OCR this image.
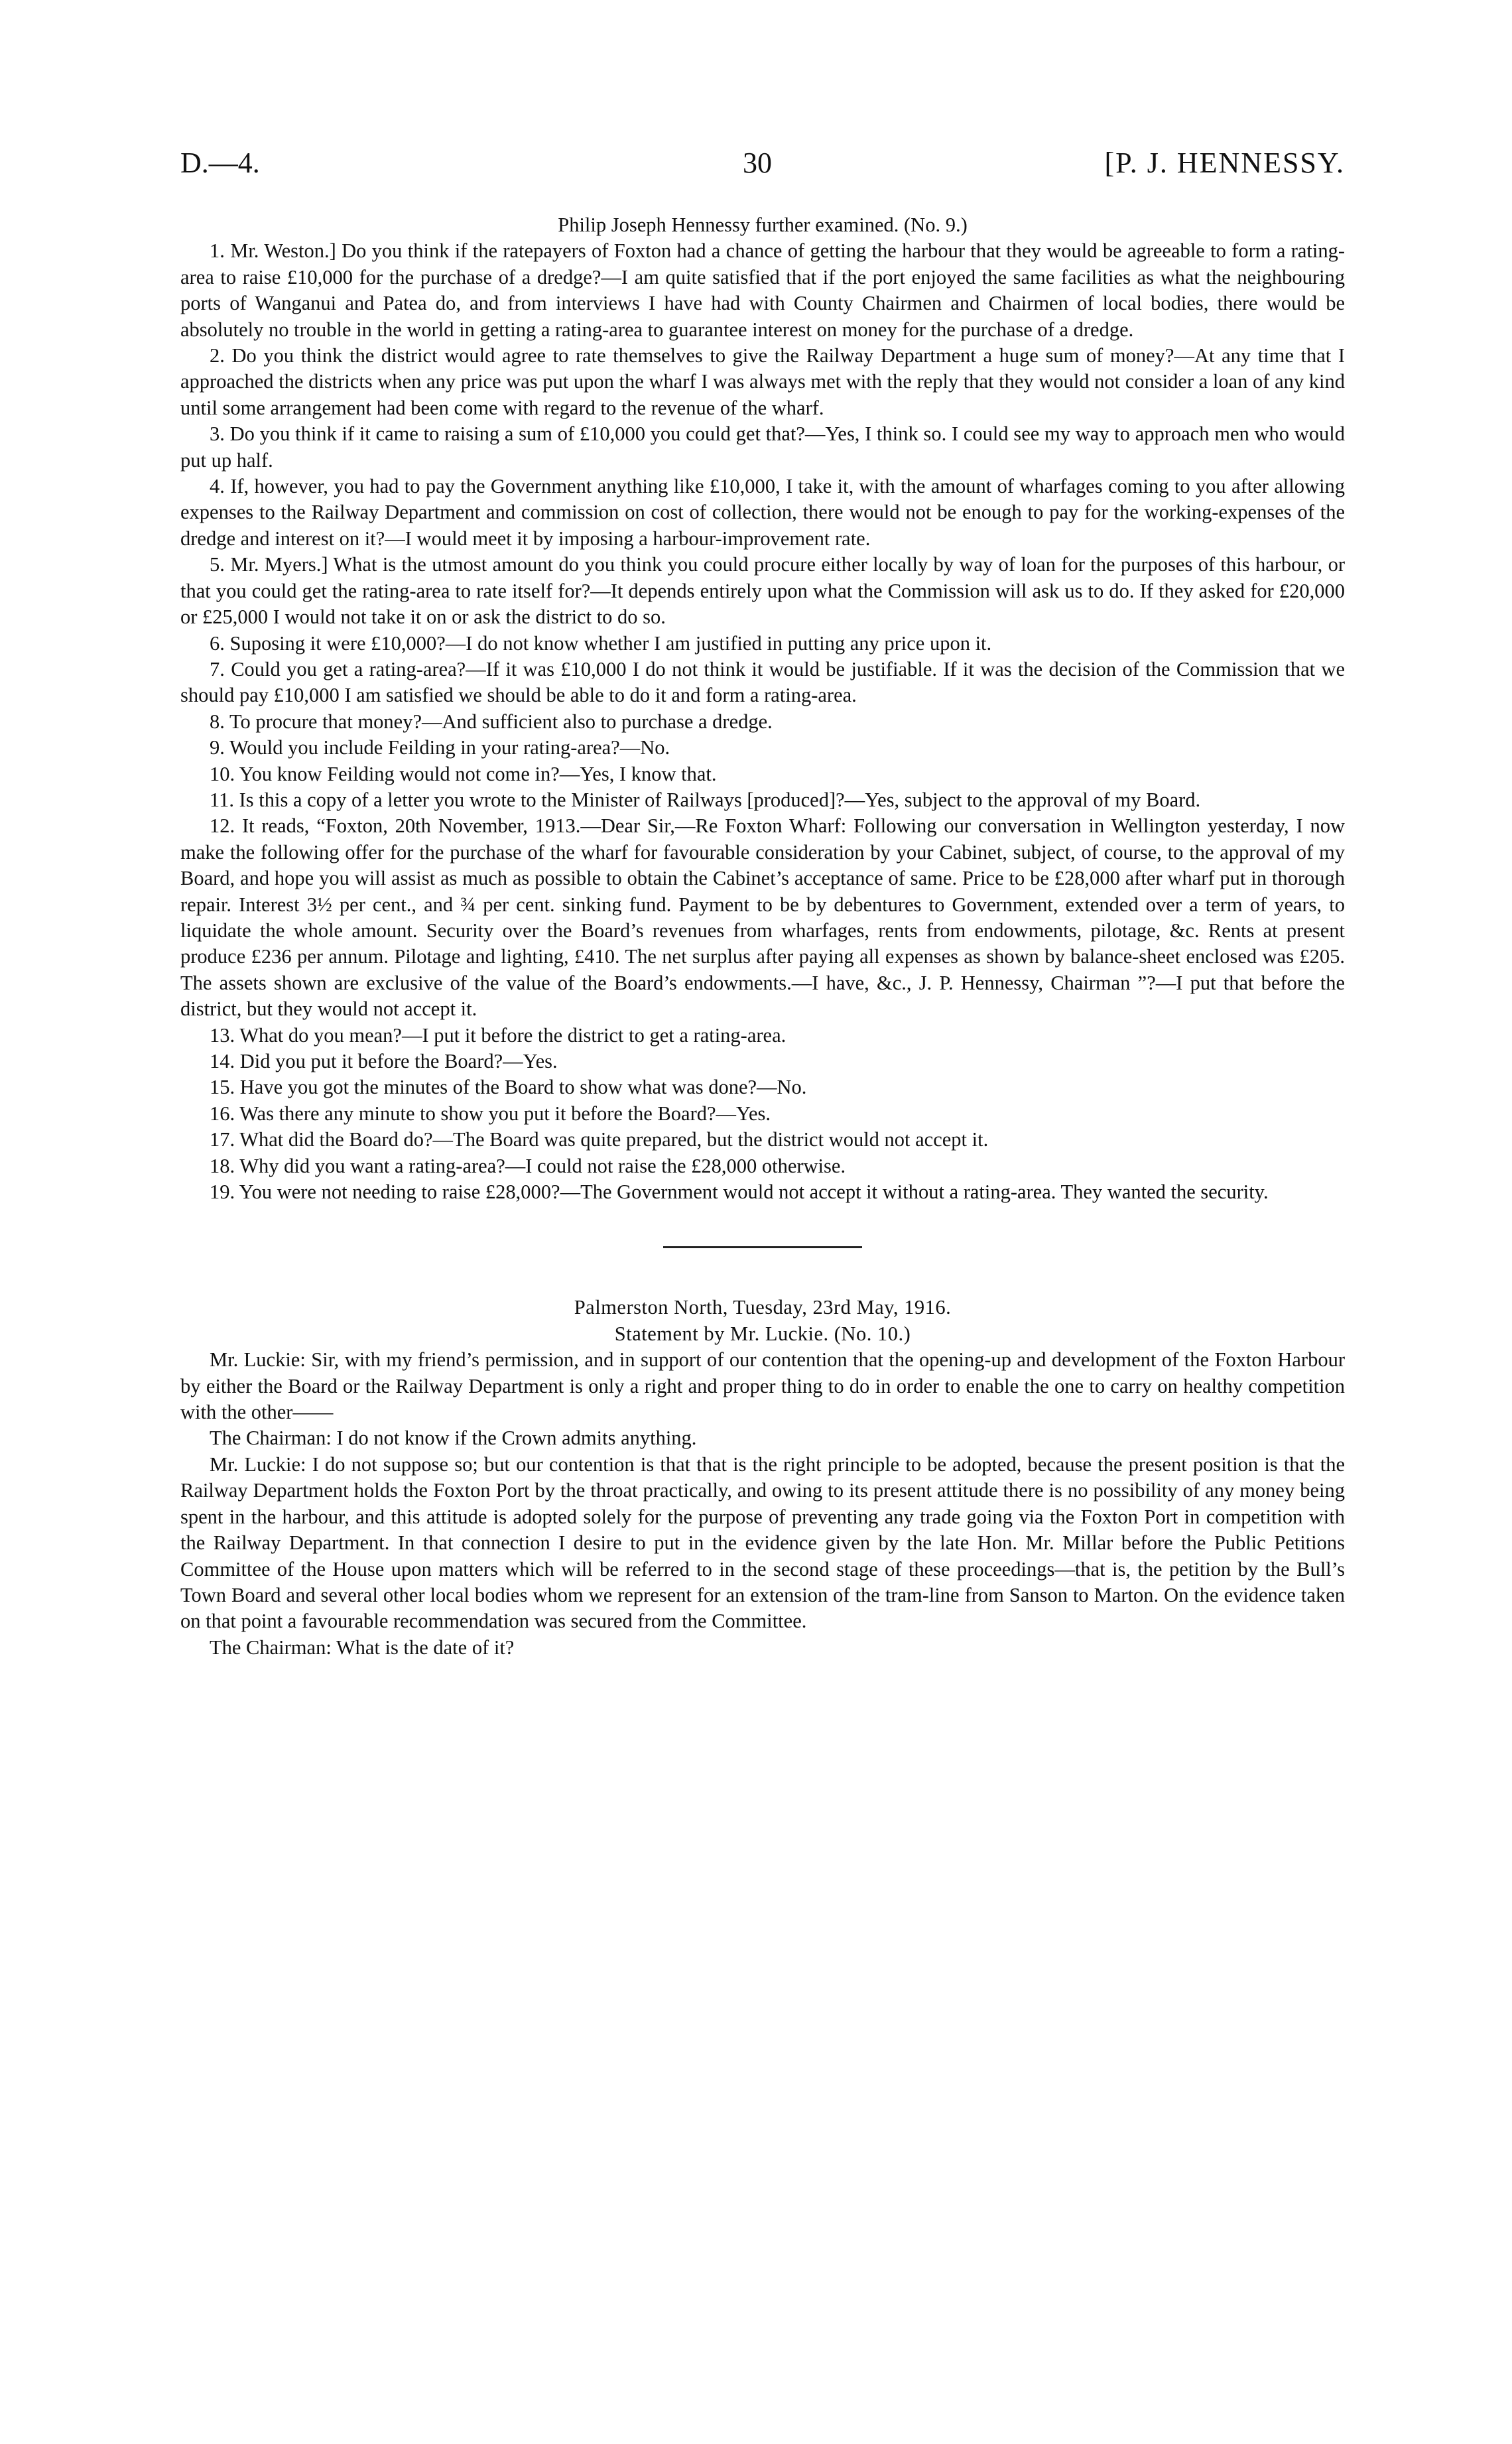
D.—4.	30	[P. J. HENNESSY.

Philip Joseph Hennessy further examined. (No. 9.)

1. Mr. Weston.] Do you think if the ratepayers of Foxton had a chance of getting the harbour that they would be agreeable to form a rating-area to raise £10,000 for the purchase of a dredge?—I am quite satisfied that if the port enjoyed the same facilities as what the neighbouring ports of Wanganui and Patea do, and from interviews I have had with County Chairmen and Chairmen of local bodies, there would be absolutely no trouble in the world in getting a rating-area to guarantee interest on money for the purchase of a dredge.

2. Do you think the district would agree to rate themselves to give the Railway Department a huge sum of money?—At any time that I approached the districts when any price was put upon the wharf I was always met with the reply that they would not consider a loan of any kind until some arrangement had been come with regard to the revenue of the wharf.

3. Do you think if it came to raising a sum of £10,000 you could get that?—Yes, I think so. I could see my way to approach men who would put up half.

4. If, however, you had to pay the Government anything like £10,000, I take it, with the amount of wharfages coming to you after allowing expenses to the Railway Department and commission on cost of collection, there would not be enough to pay for the working-expenses of the dredge and interest on it?—I would meet it by imposing a harbour-improvement rate.

5. Mr. Myers.] What is the utmost amount do you think you could procure either locally by way of loan for the purposes of this harbour, or that you could get the rating-area to rate itself for?—It depends entirely upon what the Commission will ask us to do. If they asked for £20,000 or £25,000 I would not take it on or ask the district to do so.

6. Suposing it were £10,000?—I do not know whether I am justified in putting any price upon it.

7. Could you get a rating-area?—If it was £10,000 I do not think it would be justifiable. If it was the decision of the Commission that we should pay £10,000 I am satisfied we should be able to do it and form a rating-area.

8. To procure that money?—And sufficient also to purchase a dredge.

9. Would you include Feilding in your rating-area?—No.

10. You know Feilding would not come in?—Yes, I know that.

11. Is this a copy of a letter you wrote to the Minister of Railways [produced]?—Yes, subject to the approval of my Board.

12. It reads, “Foxton, 20th November, 1913.—Dear Sir,—Re Foxton Wharf: Following our conversation in Wellington yesterday, I now make the following offer for the purchase of the wharf for favourable consideration by your Cabinet, subject, of course, to the approval of my Board, and hope you will assist as much as possible to obtain the Cabinet’s acceptance of same. Price to be £28,000 after wharf put in thorough repair. Interest 3½ per cent., and ¾ per cent. sinking fund. Payment to be by debentures to Government, extended over a term of years, to liquidate the whole amount. Security over the Board’s revenues from wharfages, rents from endowments, pilotage, &c. Rents at present produce £236 per annum. Pilotage and lighting, £410. The net surplus after paying all expenses as shown by balance-sheet enclosed was £205. The assets shown are exclusive of the value of the Board’s endowments.—I have, &c., J. P. Hennessy, Chairman ”?—I put that before the district, but they would not accept it.

13. What do you mean?—I put it before the district to get a rating-area.

14. Did you put it before the Board?—Yes.

15. Have you got the minutes of the Board to show what was done?—No.

16. Was there any minute to show you put it before the Board?—Yes.

17. What did the Board do?—The Board was quite prepared, but the district would not accept it.

18. Why did you want a rating-area?—I could not raise the £28,000 otherwise.

19. You were not needing to raise £28,000?—The Government would not accept it without a rating-area. They wanted the security.

Palmerston North, Tuesday, 23rd May, 1916.

Statement by Mr. Luckie. (No. 10.)

Mr. Luckie: Sir, with my friend’s permission, and in support of our contention that the opening-up and development of the Foxton Harbour by either the Board or the Railway Department is only a right and proper thing to do in order to enable the one to carry on healthy competition with the other——

The Chairman: I do not know if the Crown admits anything.

Mr. Luckie: I do not suppose so; but our contention is that that is the right principle to be adopted, because the present position is that the Railway Department holds the Foxton Port by the throat practically, and owing to its present attitude there is no possibility of any money being spent in the harbour, and this attitude is adopted solely for the purpose of preventing any trade going via the Foxton Port in competition with the Railway Department. In that connection I desire to put in the evidence given by the late Hon. Mr. Millar before the Public Petitions Committee of the House upon matters which will be referred to in the second stage of these proceedings—that is, the petition by the Bull’s Town Board and several other local bodies whom we represent for an extension of the tram-line from Sanson to Marton. On the evidence taken on that point a favourable recommendation was secured from the Committee.

The Chairman: What is the date of it?
